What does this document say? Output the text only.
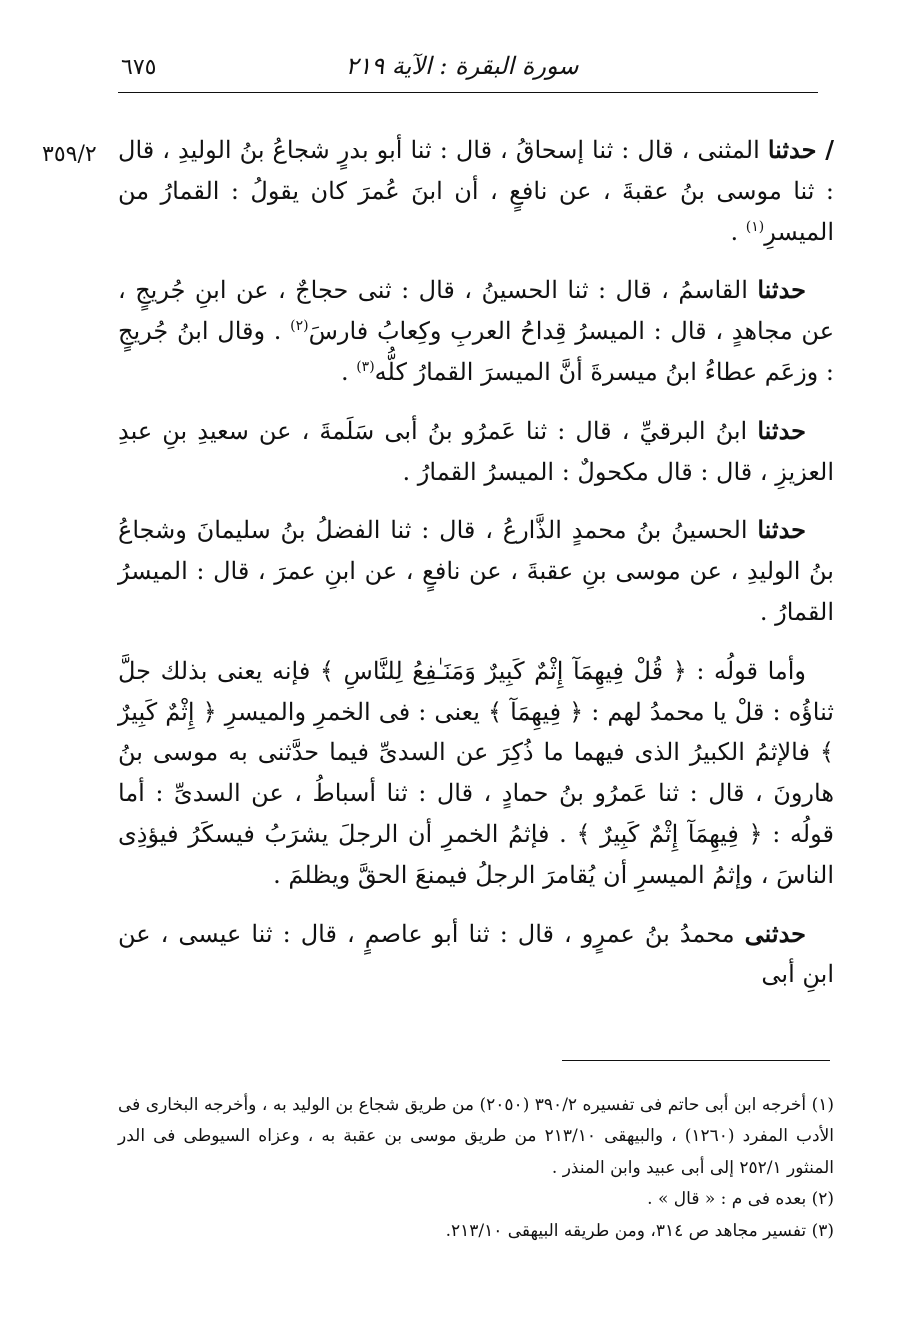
سورة البقرة : الآية ٢١٩
٦٧٥
٣٥٩/٢	/ حدثنا المثنى ، قال : ثنا إسحاقُ ، قال : ثنا أبو بدرٍ شجاعُ بنُ الوليدِ ، قال : ثنا موسى بنُ عقبةَ ، عن نافعٍ ، أن ابنَ عُمرَ كان يقولُ : القمارُ من الميسرِ$^{(١)}$ .

حدثنا القاسمُ ، قال : ثنا الحسينُ ، قال : ثنى حجاجٌ ، عن ابنِ جُريجٍ ، عن مجاهدٍ ، قال : الميسرُ قِداحُ العربِ وكِعابُ فارسَ$^{(٢)}$ . وقال ابنُ جُريجٍ : وزعَم عطاءُ ابنُ ميسرةَ أنَّ الميسرَ القمارُ كلُّه$^{(٣)}$ .

حدثنا ابنُ البرقيِّ ، قال : ثنا عَمرُو بنُ أبى سَلَمةَ ، عن سعيدِ بنِ عبدِ العزيزِ ، قال : قال مكحولٌ : الميسرُ القمارُ .

حدثنا الحسينُ بنُ محمدٍ الذَّارعُ ، قال : ثنا الفضلُ بنُ سليمانَ وشجاعُ بنُ الوليدِ ، عن موسى بنِ عقبةَ ، عن نافعٍ ، عن ابنِ عمرَ ، قال : الميسرُ القمارُ .

وأما قولُه : ﴿ قُلْ فِيهِمَآ إِثْمٌ كَبِيرٌ وَمَنَـٰفِعُ لِلنَّاسِ ﴾ فإنه يعنى بذلك جلَّ ثناؤُه : قلْ يا محمدُ لهم : ﴿ فِيهِمَآ ﴾ يعنى : فى الخمرِ والميسرِ ﴿ إِثْمٌ كَبِيرٌ ﴾ فالإثمُ الكبيرُ الذى فيهما ما ذُكِرَ عن السدىِّ فيما حدَّثنى به موسى بنُ هارونَ ، قال : ثنا عَمرُو بنُ حمادٍ ، قال : ثنا أسباطُ ، عن السدىِّ : أما قولُه : ﴿ فِيهِمَآ إِثْمٌ كَبِيرٌ ﴾ . فإثمُ الخمرِ أن الرجلَ يشرَبُ فيسكَرُ فيؤذِى الناسَ ، وإثمُ الميسرِ أن يُقامرَ الرجلُ فيمنعَ الحقَّ ويظلمَ .

حدثنى محمدُ بنُ عمرٍو ، قال : ثنا أبو عاصمٍ ، قال : ثنا عيسى ، عن ابنِ أبى

(١) أخرجه ابن أبى حاتم فى تفسيره ٣٩٠/٢ (٢٠٥٠) من طريق شجاع بن الوليد به ، وأخرجه البخارى فى الأدب المفرد (١٢٦٠) ، والبيهقى ٢١٣/١٠ من طريق موسى بن عقبة به ، وعزاه السيوطى فى الدر المنثور ٢٥٢/١ إلى أبى عبيد وابن المنذر .

(٢) بعده فى م : « قال » .

(٣) تفسير مجاهد ص ٣١٤، ومن طريقه البيهقى ٢١٣/١٠.
